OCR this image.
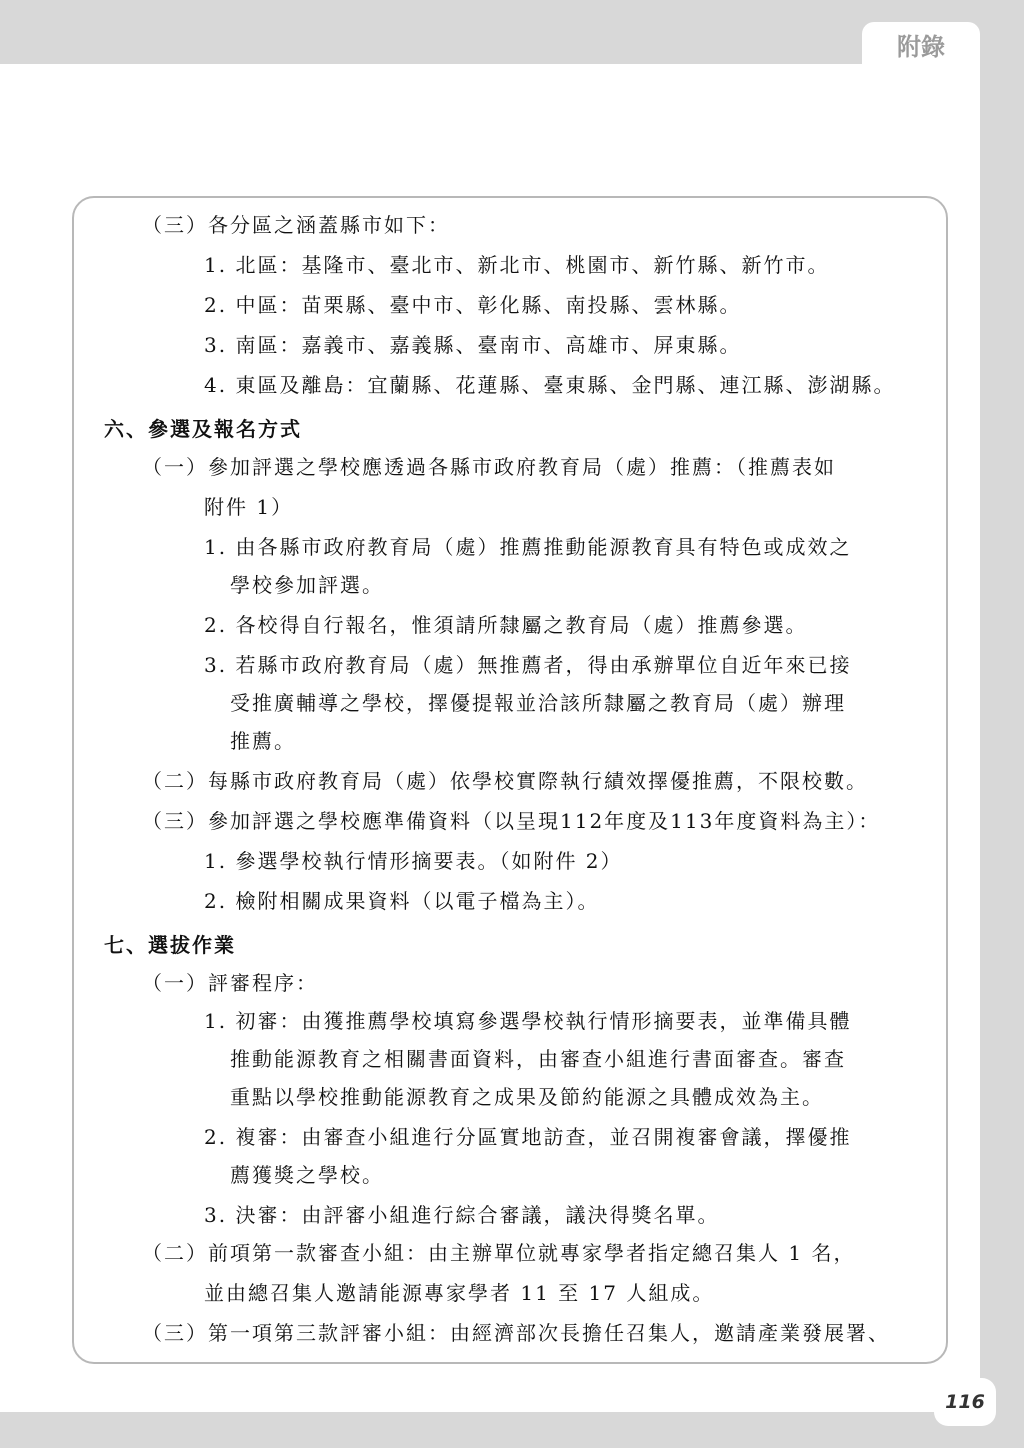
附錄
（三）各分區之涵蓋縣市如下：
1. 北區：基隆市、臺北市、新北市、桃園市、新竹縣、新竹市。
2. 中區：苗栗縣、臺中市、彰化縣、南投縣、雲林縣。
3. 南區：嘉義市、嘉義縣、臺南市、高雄市、屏東縣。
4. 東區及離島：宜蘭縣、花蓮縣、臺東縣、金門縣、連江縣、澎湖縣。
六、參選及報名方式
（一）參加評選之學校應透過各縣市政府教育局（處）推薦：（推薦表如
附件 1）
1. 由各縣市政府教育局（處）推薦推動能源教育具有特色或成效之
學校參加評選。
2. 各校得自行報名，惟須請所隸屬之教育局（處）推薦參選。
3. 若縣市政府教育局（處）無推薦者，得由承辦單位自近年來已接
受推廣輔導之學校，擇優提報並洽該所隸屬之教育局（處）辦理
推薦。
（二）每縣市政府教育局（處）依學校實際執行績效擇優推薦，不限校數。
（三）參加評選之學校應準備資料（以呈現112年度及113年度資料為主）：
1. 參選學校執行情形摘要表。（如附件 2）
2. 檢附相關成果資料（以電子檔為主）。
七、選拔作業
（一）評審程序：
1. 初審：由獲推薦學校填寫參選學校執行情形摘要表，並準備具體
推動能源教育之相關書面資料，由審查小組進行書面審查。審查
重點以學校推動能源教育之成果及節約能源之具體成效為主。
2. 複審：由審查小組進行分區實地訪查，並召開複審會議，擇優推
薦獲獎之學校。
3. 決審：由評審小組進行綜合審議，議決得獎名單。
（二）前項第一款審查小組：由主辦單位就專家學者指定總召集人 1 名，
並由總召集人邀請能源專家學者 11 至 17 人組成。
（三）第一項第三款評審小組：由經濟部次長擔任召集人，邀請產業發展署、
116
